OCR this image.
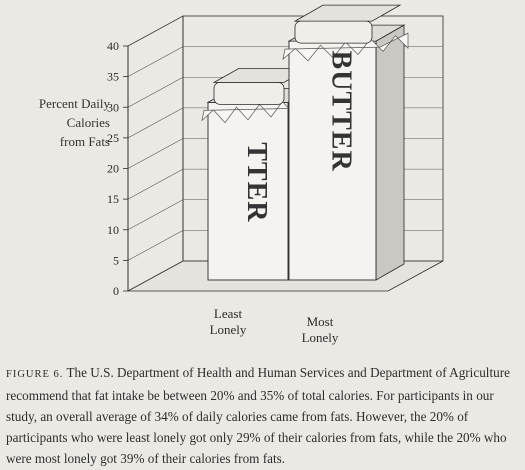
0
5
10
15
20
25
30
35
40
TTER
BUTTER
Least Lonely
Most Lonely
Percent Daily
Calories
from Fats
FIGURE 6. The U.S. Department of Health and Human Services and Department of Agriculture recommend that fat intake be between 20% and 35% of total calories. For participants in our study, an overall average of 34% of daily calories came from fats. However, the 20% of participants who were least lonely got only 29% of their calories from fats, while the 20% who were most lonely got 39% of their calories from fats.
